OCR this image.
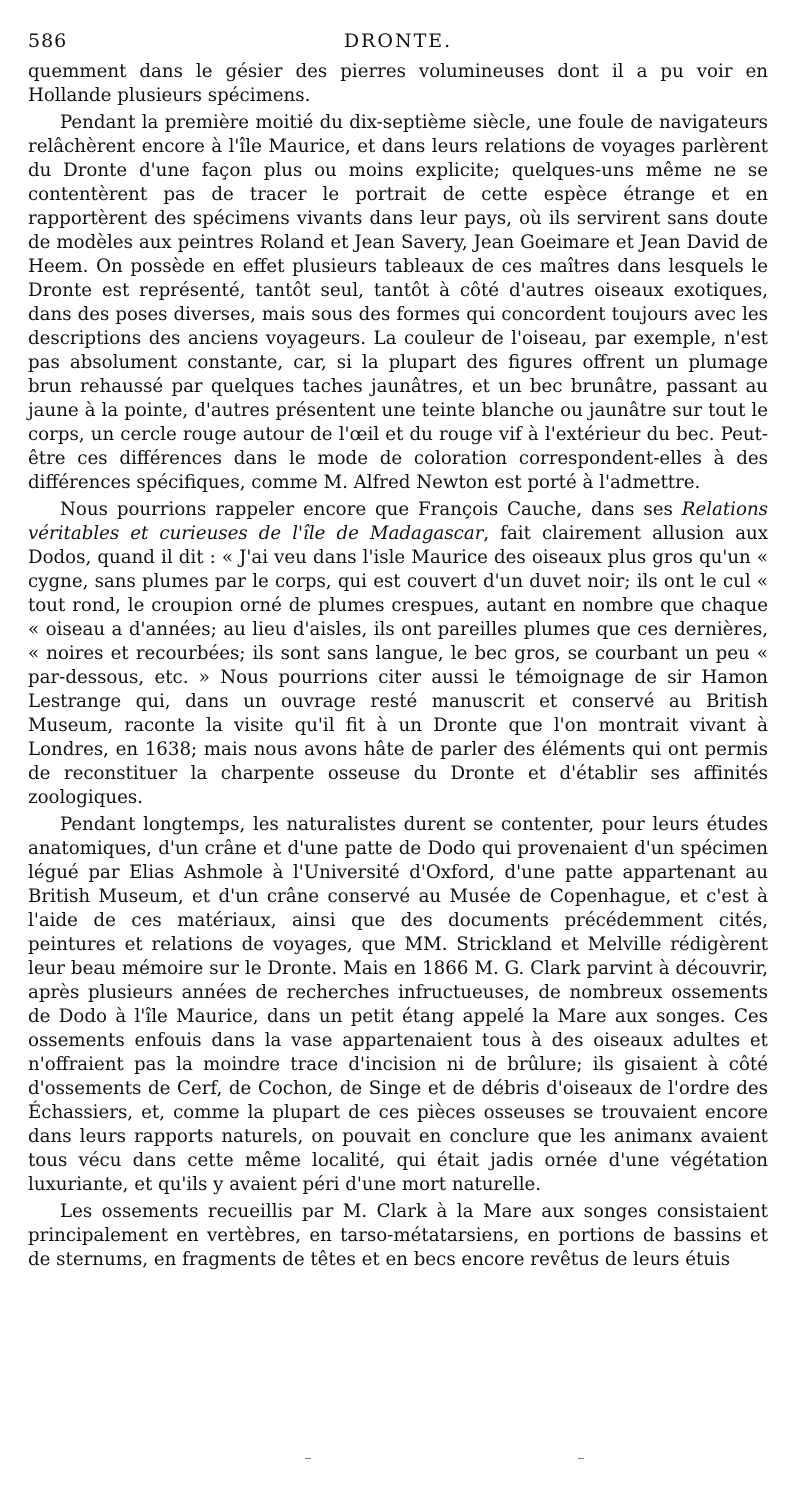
586	DRONTE.

quemment dans le gésier des pierres volumineuses dont il a pu voir en Hollande plusieurs spécimens.

Pendant la première moitié du dix-septième siècle, une foule de navigateurs relâchèrent encore à l'île Maurice, et dans leurs relations de voyages parlèrent du Dronte d'une façon plus ou moins explicite; quelques-uns même ne se contentèrent pas de tracer le portrait de cette espèce étrange et en rapportèrent des spécimens vivants dans leur pays, où ils servirent sans doute de modèles aux peintres Roland et Jean Savery, Jean Goeimare et Jean David de Heem. On possède en effet plusieurs tableaux de ces maîtres dans lesquels le Dronte est représenté, tantôt seul, tantôt à côté d'autres oiseaux exotiques, dans des poses diverses, mais sous des formes qui concordent toujours avec les descriptions des anciens voyageurs. La couleur de l'oiseau, par exemple, n'est pas absolument constante, car, si la plupart des figures offrent un plumage brun rehaussé par quelques taches jaunâtres, et un bec brunâtre, passant au jaune à la pointe, d'autres présentent une teinte blanche ou jaunâtre sur tout le corps, un cercle rouge autour de l'œil et du rouge vif à l'extérieur du bec. Peut-être ces différences dans le mode de coloration correspondent-elles à des différences spécifiques, comme M. Alfred Newton est porté à l'admettre.

Nous pourrions rappeler encore que François Cauche, dans ses Relations véritables et curieuses de l'île de Madagascar, fait clairement allusion aux Dodos, quand il dit : « J'ai veu dans l'isle Maurice des oiseaux plus gros qu'un « cygne, sans plumes par le corps, qui est couvert d'un duvet noir; ils ont le cul « tout rond, le croupion orné de plumes crespues, autant en nombre que chaque « oiseau a d'années; au lieu d'aisles, ils ont pareilles plumes que ces dernières, « noires et recourbées; ils sont sans langue, le bec gros, se courbant un peu « par-dessous, etc. » Nous pourrions citer aussi le témoignage de sir Hamon Lestrange qui, dans un ouvrage resté manuscrit et conservé au British Museum, raconte la visite qu'il fit à un Dronte que l'on montrait vivant à Londres, en 1638; mais nous avons hâte de parler des éléments qui ont permis de reconstituer la charpente osseuse du Dronte et d'établir ses affinités zoologiques.

Pendant longtemps, les naturalistes durent se contenter, pour leurs études anatomiques, d'un crâne et d'une patte de Dodo qui provenaient d'un spécimen légué par Elias Ashmole à l'Université d'Oxford, d'une patte appartenant au British Museum, et d'un crâne conservé au Musée de Copenhague, et c'est à l'aide de ces matériaux, ainsi que des documents précédemment cités, peintures et relations de voyages, que MM. Strickland et Melville rédigèrent leur beau mémoire sur le Dronte. Mais en 1866 M. G. Clark parvint à découvrir, après plusieurs années de recherches infructueuses, de nombreux ossements de Dodo à l'île Maurice, dans un petit étang appelé la Mare aux songes. Ces ossements enfouis dans la vase appartenaient tous à des oiseaux adultes et n'offraient pas la moindre trace d'incision ni de brûlure; ils gisaient à côté d'ossements de Cerf, de Cochon, de Singe et de débris d'oiseaux de l'ordre des Échassiers, et, comme la plupart de ces pièces osseuses se trouvaient encore dans leurs rapports naturels, on pouvait en conclure que les animanx avaient tous vécu dans cette même localité, qui était jadis ornée d'une végétation luxuriante, et qu'ils y avaient péri d'une mort naturelle.

Les ossements recueillis par M. Clark à la Mare aux songes consistaient principalement en vertèbres, en tarso-métatarsiens, en portions de bassins et de sternums, en fragments de têtes et en becs encore revêtus de leurs étuis
